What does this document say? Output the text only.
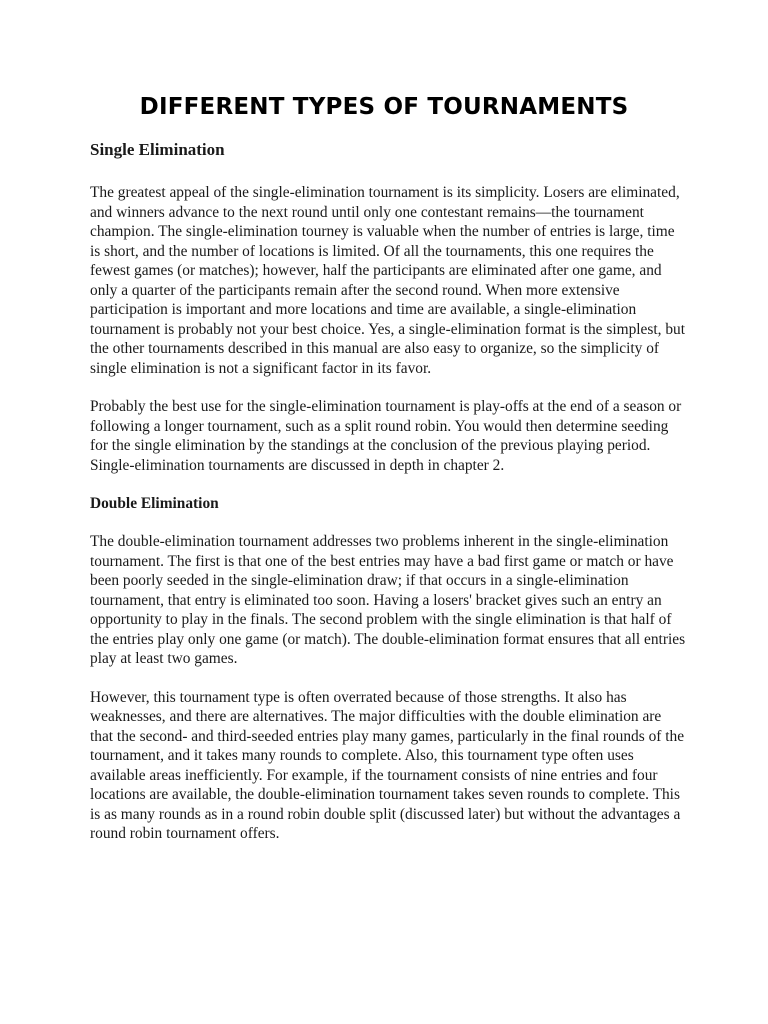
DIFFERENT TYPES OF TOURNAMENTS
Single Elimination

The greatest appeal of the single-elimination tournament is its simplicity. Losers are eliminated, and winners advance to the next round until only one contestant remains—the tournament champion. The single-elimination tourney is valuable when the number of entries is large, time is short, and the number of locations is limited. Of all the tournaments, this one requires the fewest games (or matches); however, half the participants are eliminated after one game, and only a quarter of the participants remain after the second round. When more extensive participation is important and more locations and time are available, a single-elimination tournament is probably not your best choice. Yes, a single-elimination format is the simplest, but the other tournaments described in this manual are also easy to organize, so the simplicity of single elimination is not a significant factor in its favor.

Probably the best use for the single-elimination tournament is play-offs at the end of a season or following a longer tournament, such as a split round robin. You would then determine seeding for the single elimination by the standings at the conclusion of the previous playing period. Single-elimination tournaments are discussed in depth in chapter 2.

Double Elimination

The double-elimination tournament addresses two problems inherent in the single-elimination tournament. The first is that one of the best entries may have a bad first game or match or have been poorly seeded in the single-elimination draw; if that occurs in a single-elimination tournament, that entry is eliminated too soon. Having a losers' bracket gives such an entry an opportunity to play in the finals. The second problem with the single elimination is that half of the entries play only one game (or match). The double-elimination format ensures that all entries play at least two games.

However, this tournament type is often overrated because of those strengths. It also has weaknesses, and there are alternatives. The major difficulties with the double elimination are that the second- and third-seeded entries play many games, particularly in the final rounds of the tournament, and it takes many rounds to complete. Also, this tournament type often uses available areas inefficiently. For example, if the tournament consists of nine entries and four locations are available, the double-elimination tournament takes seven rounds to complete. This is as many rounds as in a round robin double split (discussed later) but without the advantages a round robin tournament offers.
